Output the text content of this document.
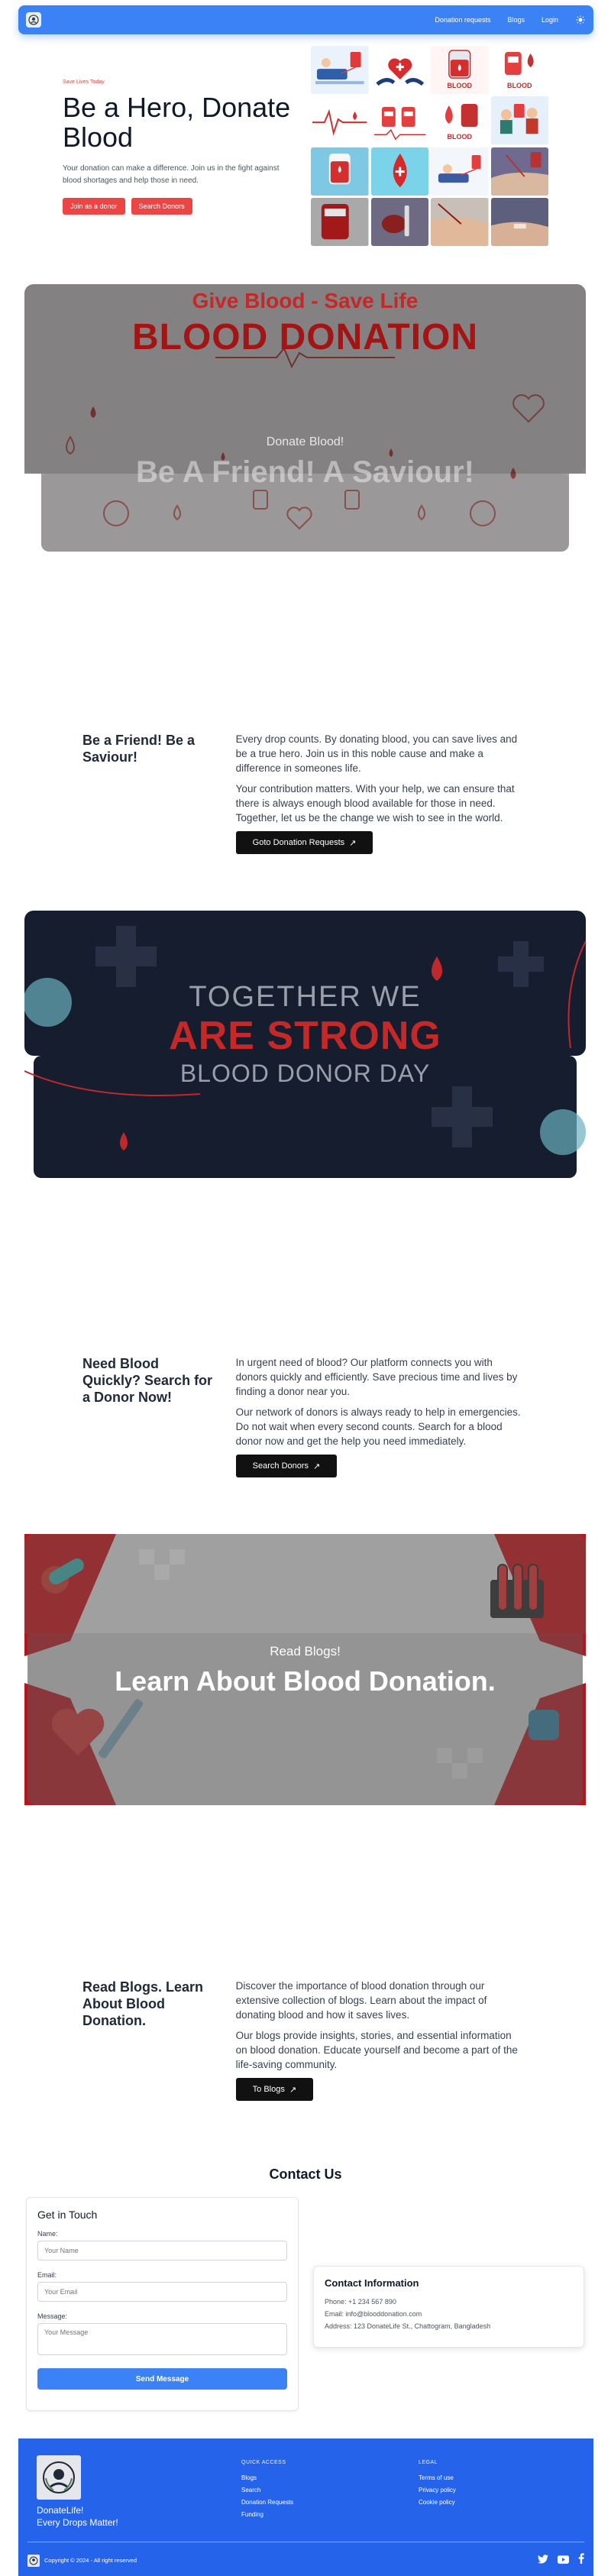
Donation requests Blogs Login
Save Lives Today
Be a Hero, Donate Blood

Your donation can make a difference. Join us in the fight against blood shortages and help those in need.

Join as a donor	Search Donors
BLOOD	BLOOD
BLOOD
Give Blood - Save Life
BLOOD DONATION
Donate Blood!
Be A Friend! A Saviour!
Be a Friend! Be a Saviour!

Every drop counts. By donating blood, you can save lives and be a true hero. Join us in this noble cause and make a difference in someones life.

Your contribution matters. With your help, we can ensure that there is always enough blood available for those in need. Together, let us be the change we wish to see in the world.

Goto Donation Requests ↗
TOGETHER WE
ARE STRONG
BLOOD DONOR DAY
Need Blood Quickly? Search for a Donor Now!

In urgent need of blood? Our platform connects you with donors quickly and efficiently. Save precious time and lives by finding a donor near you.

Our network of donors is always ready to help in emergencies. Do not wait when every second counts. Search for a blood donor now and get the help you need immediately.

Search Donors ↗
Read Blogs!
Learn About Blood Donation.
Read Blogs. Learn About Blood Donation.

Discover the importance of blood donation through our extensive collection of blogs. Learn about the impact of donating blood and how it saves lives.

Our blogs provide insights, stories, and essential information on blood donation. Educate yourself and become a part of the life-saving community.

To Blogs ↗
Contact Us
Get in Touch
Name:
Your Name
Email:
Your Email
Message:
Your Message Send Message
Contact Information
Phone: +1 234 567 890
Email: info@blooddonation.com
Address: 123 DonateLife St., Chattogram, Bangladesh
DonateLife!
Every Drops Matter!
QUICK ACCESS
Blogs
Search
Donation Requests
Funding
LEGAL
Terms of use
Privacy policy
Cookie policy
Copyright © 2024 - All right reserved
